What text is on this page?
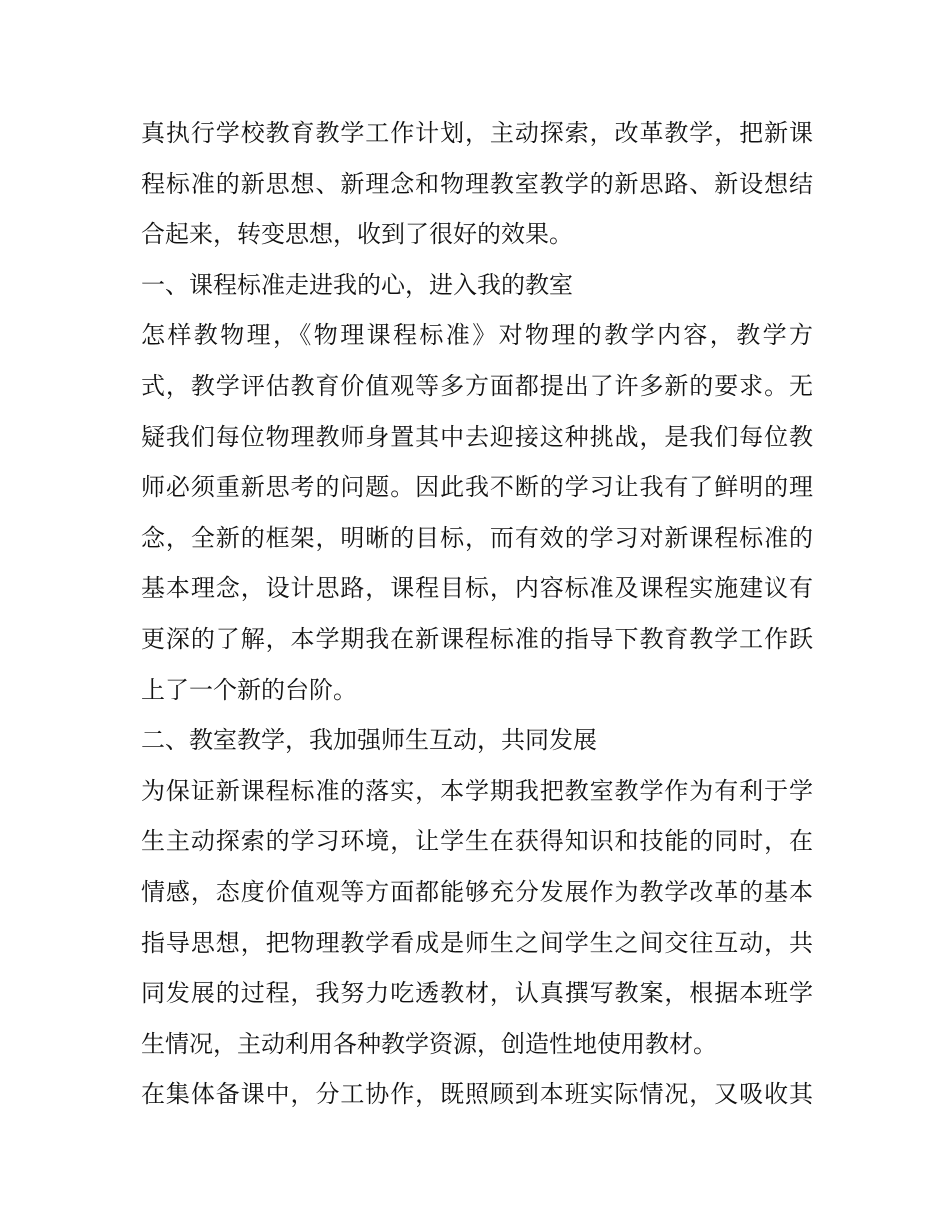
真执行学校教育教学工作计划，主动探索，改革教学，把新课
程标准的新思想、新理念和物理教室教学的新思路、新设想结
合起来，转变思想，收到了很好的效果。
一、课程标准走进我的心，进入我的教室
怎样教物理，《物理课程标准》对物理的教学内容，教学方
式，教学评估教育价值观等多方面都提出了许多新的要求。无
疑我们每位物理教师身置其中去迎接这种挑战，是我们每位教
师必须重新思考的问题。因此我不断的学习让我有了鲜明的理
念，全新的框架，明晰的目标，而有效的学习对新课程标准的
基本理念，设计思路，课程目标，内容标准及课程实施建议有
更深的了解，本学期我在新课程标准的指导下教育教学工作跃
上了一个新的台阶。
二、教室教学，我加强师生互动，共同发展
为保证新课程标准的落实，本学期我把教室教学作为有利于学
生主动探索的学习环境，让学生在获得知识和技能的同时，在
情感，态度价值观等方面都能够充分发展作为教学改革的基本
指导思想，把物理教学看成是师生之间学生之间交往互动，共
同发展的过程，我努力吃透教材，认真撰写教案，根据本班学
生情况，主动利用各种教学资源，创造性地使用教材。
在集体备课中，分工协作，既照顾到本班实际情况，又吸收其
